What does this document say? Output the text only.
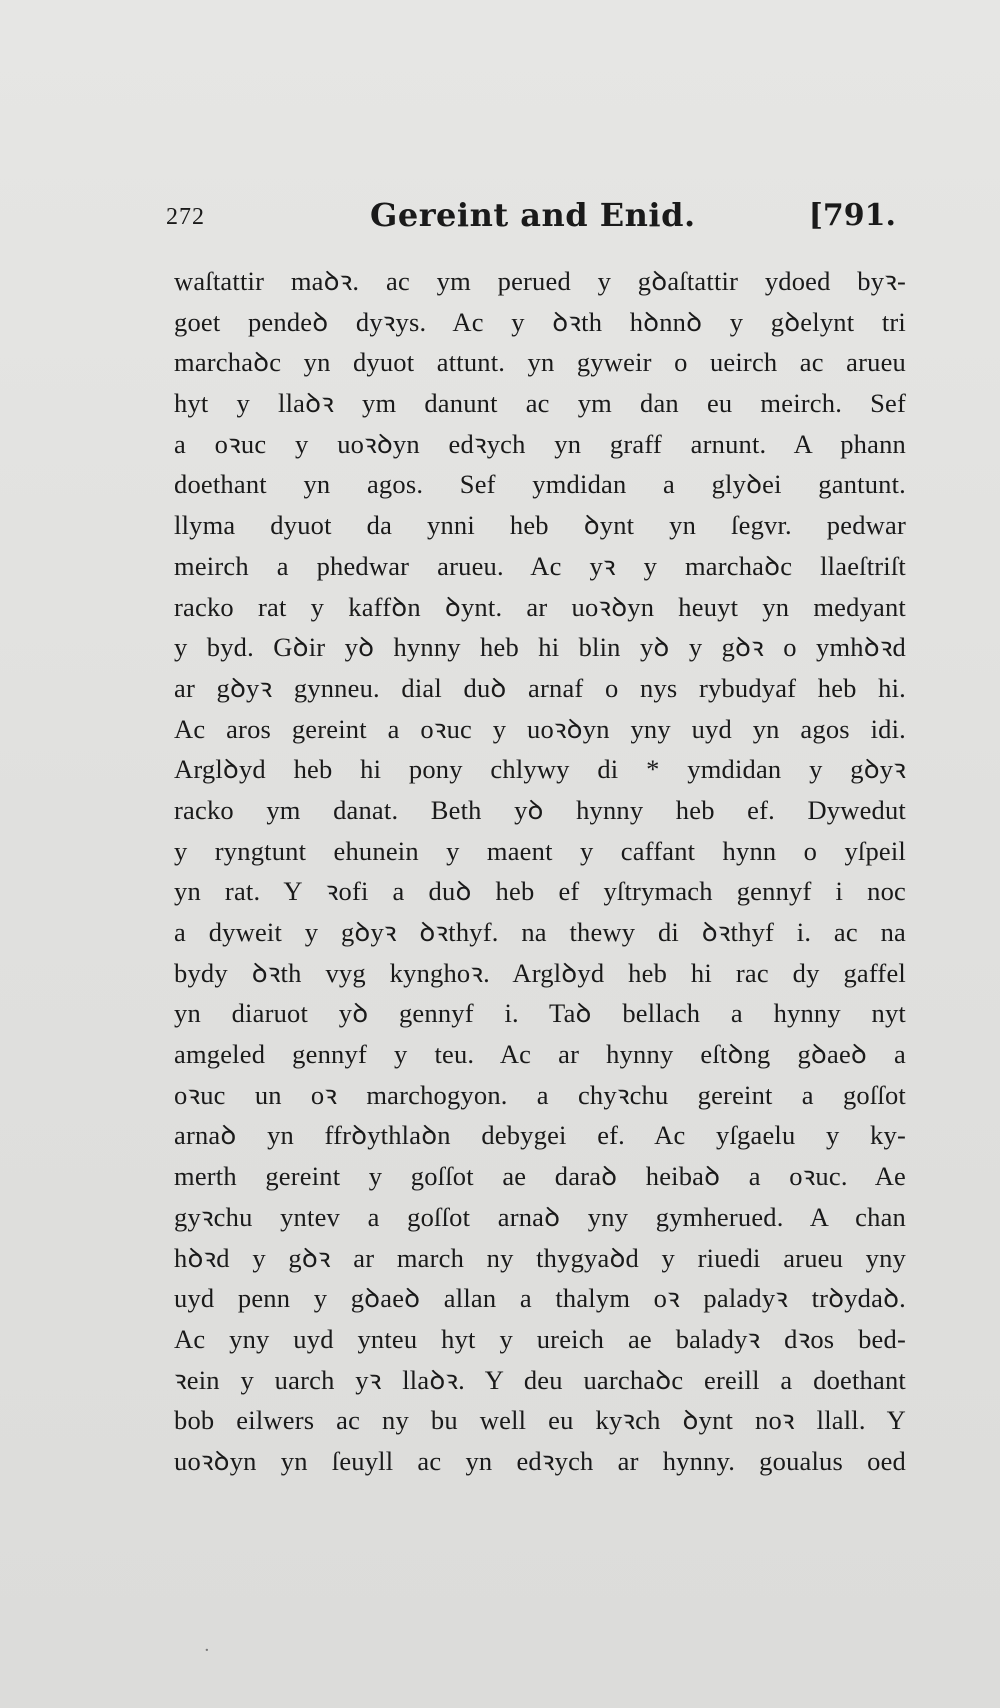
272	Gereint and Enid.	[791.
waſtattir maꝺꝛ. ac ym perued y gꝺaſtattir ydoed byꝛ-
goet pendeꝺ dyꝛys. Ac y ꝺꝛth hꝺnnꝺ y gꝺelynt tri
marchaꝺc yn dyuot attunt. yn gyweir o ueirch ac arueu
hyt y llaꝺꝛ ym danunt ac ym dan eu meirch. Sef
a oꝛuc y uoꝛꝺyn edꝛych yn graff arnunt. A phann
doethant yn agos. Sef ymdidan a glyꝺei gantunt.
llyma dyuot da ynni heb ꝺynt yn ſegvr. pedwar
meirch a phedwar arueu. Ac yꝛ y marchaꝺc llaeſtriſt
racko rat y kaffꝺn ꝺynt. ar uoꝛꝺyn heuyt yn medyant
y byd. Gꝺir yꝺ hynny heb hi blin yꝺ y gꝺꝛ o ymhꝺꝛd
ar gꝺyꝛ gynneu. dial duꝺ arnaf o nys rybudyaf heb hi.
Ac aros gereint a oꝛuc y uoꝛꝺyn yny uyd yn agos idi.
Arglꝺyd heb hi pony chlywy di * ymdidan y gꝺyꝛ
racko ym danat. Beth yꝺ hynny heb ef. Dywedut
y ryngtunt ehunein y maent y caffant hynn o yſpeil
yn rat. Y ꝛofi a duꝺ heb ef yſtrymach gennyf i noc
a dyweit y gꝺyꝛ ꝺꝛthyf. na thewy di ꝺꝛthyf i. ac na
bydy ꝺꝛth vyg kynghoꝛ. Arglꝺyd heb hi rac dy gaffel
yn diaruot yꝺ gennyf i. Taꝺ bellach a hynny nyt
amgeled gennyf y teu. Ac ar hynny eſtꝺng gꝺaeꝺ a
oꝛuc un oꝛ marchogyon. a chyꝛchu gereint a goſſot
arnaꝺ yn ffrꝺythlaꝺn debygei ef. Ac yſgaelu y ky-
merth gereint y goſſot ae daraꝺ heibaꝺ a oꝛuc. Ae
gyꝛchu yntev a goſſot arnaꝺ yny gymherued. A chan
hꝺꝛd y gꝺꝛ ar march ny thygyaꝺd y riuedi arueu yny
uyd penn y gꝺaeꝺ allan a thalym oꝛ paladyꝛ trꝺydaꝺ.
Ac yny uyd ynteu hyt y ureich ae baladyꝛ dꝛos bed-
ꝛein y uarch yꝛ llaꝺꝛ. Y deu uarchaꝺc ereill a doethant
bob eilwers ac ny bu well eu kyꝛch ꝺynt noꝛ llall. Y
uoꝛꝺyn yn ſeuyll ac yn edꝛych ar hynny. goualus oed
·
